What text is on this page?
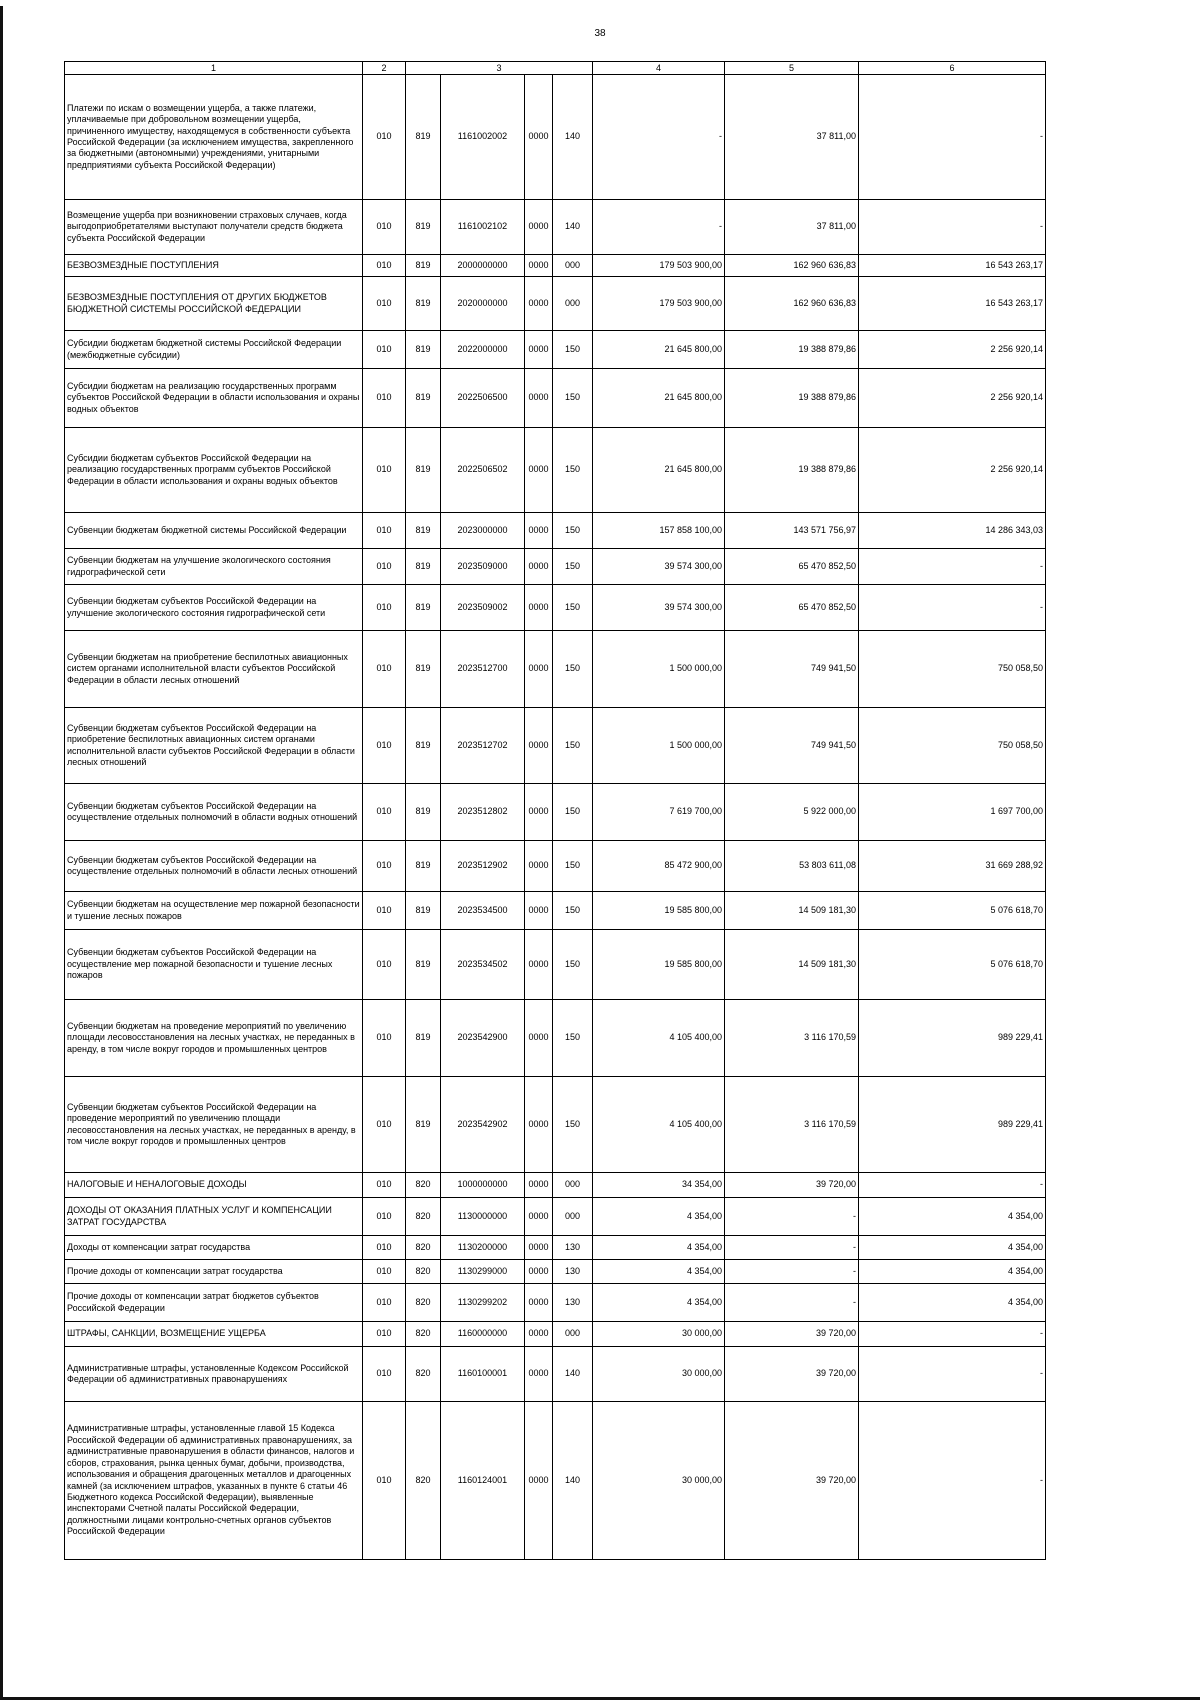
38
1	2	3				4	5	6
Платежи по искам о возмещении ущерба, а также платежи, уплачиваемые при добровольном возмещении ущерба, причиненного имуществу, находящемуся в собственности субъекта Российской Федерации (за исключением имущества, закрепленного за бюджетными (автономными) учреждениями, унитарными предприятиями субъекта Российской Федерации)	010	819	1161002002	0000	140	-	37 811,00	-
Возмещение ущерба при возникновении страховых случаев, когда выгодоприобретателями выступают получатели средств бюджета субъекта Российской Федерации	010	819	1161002102	0000	140	-	37 811,00	-
БЕЗВОЗМЕЗДНЫЕ ПОСТУПЛЕНИЯ	010	819	2000000000	0000	000	179 503 900,00	162 960 636,83	16 543 263,17
БЕЗВОЗМЕЗДНЫЕ ПОСТУПЛЕНИЯ ОТ ДРУГИХ БЮДЖЕТОВ БЮДЖЕТНОЙ СИСТЕМЫ РОССИЙСКОЙ ФЕДЕРАЦИИ	010	819	2020000000	0000	000	179 503 900,00	162 960 636,83	16 543 263,17
Субсидии бюджетам бюджетной системы Российской Федерации (межбюджетные субсидии)	010	819	2022000000	0000	150	21 645 800,00	19 388 879,86	2 256 920,14
Субсидии бюджетам на реализацию государственных программ субъектов Российской Федерации в области использования и охраны водных объектов	010	819	2022506500	0000	150	21 645 800,00	19 388 879,86	2 256 920,14
Субсидии бюджетам субъектов Российской Федерации на реализацию государственных программ субъектов Российской Федерации в области использования и охраны водных объектов	010	819	2022506502	0000	150	21 645 800,00	19 388 879,86	2 256 920,14
Субвенции бюджетам бюджетной системы Российской Федерации	010	819	2023000000	0000	150	157 858 100,00	143 571 756,97	14 286 343,03
Субвенции бюджетам на улучшение экологического состояния гидрографической сети	010	819	2023509000	0000	150	39 574 300,00	65 470 852,50	-
Субвенции бюджетам субъектов Российской Федерации на улучшение экологического состояния гидрографической сети	010	819	2023509002	0000	150	39 574 300,00	65 470 852,50	-
Субвенции бюджетам на приобретение беспилотных авиационных систем органами исполнительной власти субъектов Российской Федерации в области лесных отношений	010	819	2023512700	0000	150	1 500 000,00	749 941,50	750 058,50
Субвенции бюджетам субъектов Российской Федерации на приобретение беспилотных авиационных систем органами исполнительной власти субъектов Российской Федерации в области лесных отношений	010	819	2023512702	0000	150	1 500 000,00	749 941,50	750 058,50
Субвенции бюджетам субъектов Российской Федерации на осуществление отдельных полномочий в области водных отношений	010	819	2023512802	0000	150	7 619 700,00	5 922 000,00	1 697 700,00
Субвенции бюджетам субъектов Российской Федерации на осуществление отдельных полномочий в области лесных отношений	010	819	2023512902	0000	150	85 472 900,00	53 803 611,08	31 669 288,92
Субвенции бюджетам на осуществление мер пожарной безопасности и тушение лесных пожаров	010	819	2023534500	0000	150	19 585 800,00	14 509 181,30	5 076 618,70
Субвенции бюджетам субъектов Российской Федерации на осуществление мер пожарной безопасности и тушение лесных пожаров	010	819	2023534502	0000	150	19 585 800,00	14 509 181,30	5 076 618,70
Субвенции бюджетам на проведение мероприятий по увеличению площади лесовосстановления на лесных участках, не переданных в аренду, в том числе вокруг городов и промышленных центров	010	819	2023542900	0000	150	4 105 400,00	3 116 170,59	989 229,41
Субвенции бюджетам субъектов Российской Федерации на проведение мероприятий по увеличению площади лесовосстановления на лесных участках, не переданных в аренду, в том числе вокруг городов и промышленных центров	010	819	2023542902	0000	150	4 105 400,00	3 116 170,59	989 229,41
НАЛОГОВЫЕ И НЕНАЛОГОВЫЕ ДОХОДЫ	010	820	1000000000	0000	000	34 354,00	39 720,00	-
ДОХОДЫ ОТ ОКАЗАНИЯ ПЛАТНЫХ УСЛУГ И КОМПЕНСАЦИИ ЗАТРАТ ГОСУДАРСТВА	010	820	1130000000	0000	000	4 354,00	-	4 354,00
Доходы от компенсации затрат государства	010	820	1130200000	0000	130	4 354,00	-	4 354,00
Прочие доходы от компенсации затрат государства	010	820	1130299000	0000	130	4 354,00	-	4 354,00
Прочие доходы от компенсации затрат бюджетов субъектов Российской Федерации	010	820	1130299202	0000	130	4 354,00	-	4 354,00
ШТРАФЫ, САНКЦИИ, ВОЗМЕЩЕНИЕ УЩЕРБА	010	820	1160000000	0000	000	30 000,00	39 720,00	-
Административные штрафы, установленные Кодексом Российской Федерации об административных правонарушениях	010	820	1160100001	0000	140	30 000,00	39 720,00	-
Административные штрафы, установленные главой 15 Кодекса Российской Федерации об административных правонарушениях, за административные правонарушения в области финансов, налогов и сборов, страхования, рынка ценных бумаг, добычи, производства, использования и обращения драгоценных металлов и драгоценных камней (за исключением штрафов, указанных в пункте 6 статьи 46 Бюджетного кодекса Российской Федерации), выявленные инспекторами Счетной палаты Российской Федерации, должностными лицами контрольно-счетных органов субъектов Российской Федерации	010	820	1160124001	0000	140	30 000,00	39 720,00	-
